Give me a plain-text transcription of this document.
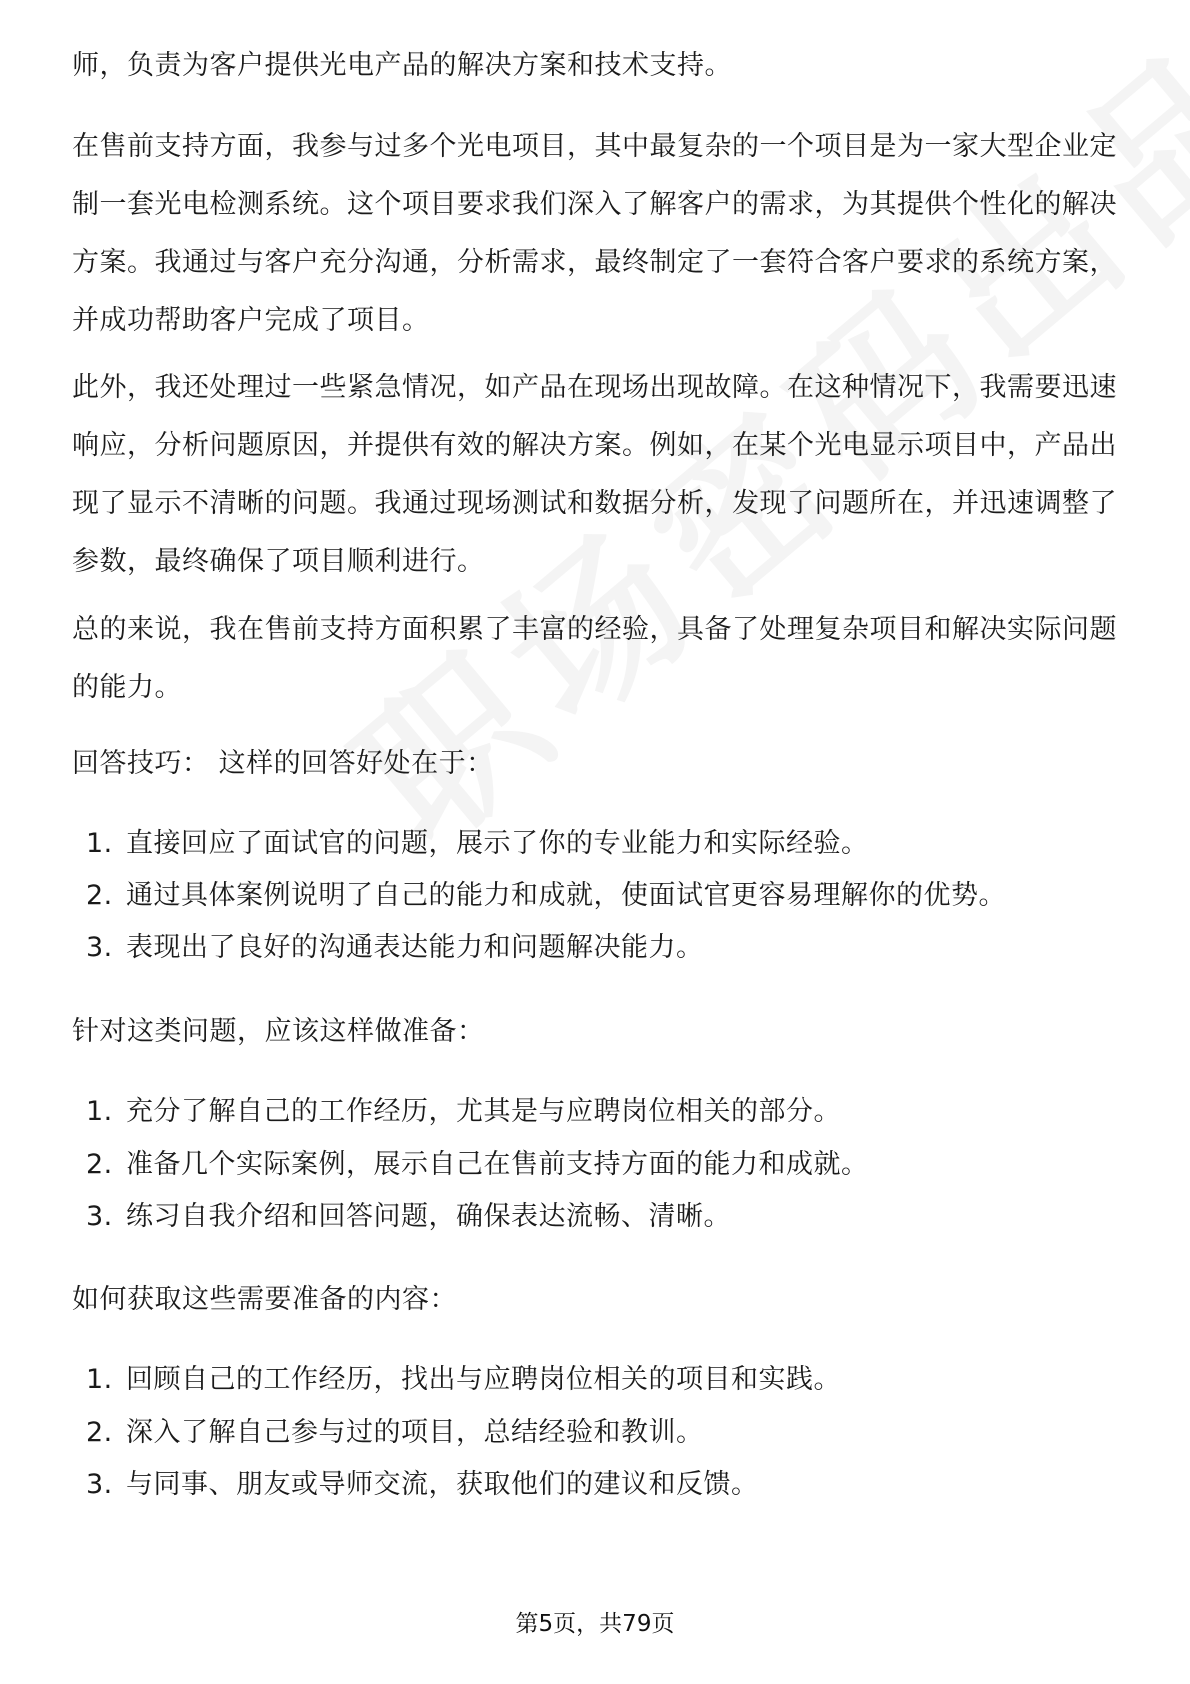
师，负责为客户提供光电产品的解决方案和技术支持。

在售前支持方面，我参与过多个光电项目，其中最复杂的一个项目是为一家大型企业定制一套光电检测系统。这个项目要求我们深入了解客户的需求，为其提供个性化的解决方案。我通过与客户充分沟通，分析需求，最终制定了一套符合客户要求的系统方案，并成功帮助客户完成了项目。

此外，我还处理过一些紧急情况，如产品在现场出现故障。在这种情况下，我需要迅速响应，分析问题原因，并提供有效的解决方案。例如，在某个光电显示项目中，产品出现了显示不清晰的问题。我通过现场测试和数据分析，发现了问题所在，并迅速调整了参数，最终确保了项目顺利进行。

总的来说，我在售前支持方面积累了丰富的经验，具备了处理复杂项目和解决实际问题的能力。

回答技巧： 这样的回答好处在于：

1. 直接回应了面试官的问题，展示了你的专业能力和实际经验。
2. 通过具体案例说明了自己的能力和成就，使面试官更容易理解你的优势。
3. 表现出了良好的沟通表达能力和问题解决能力。

针对这类问题，应该这样做准备：

1. 充分了解自己的工作经历，尤其是与应聘岗位相关的部分。
2. 准备几个实际案例，展示自己在售前支持方面的能力和成就。
3. 练习自我介绍和回答问题，确保表达流畅、清晰。

如何获取这些需要准备的内容：

1. 回顾自己的工作经历，找出与应聘岗位相关的项目和实践。
2. 深入了解自己参与过的项目，总结经验和教训。
3. 与同事、朋友或导师交流，获取他们的建议和反馈。
第5页，共79页
